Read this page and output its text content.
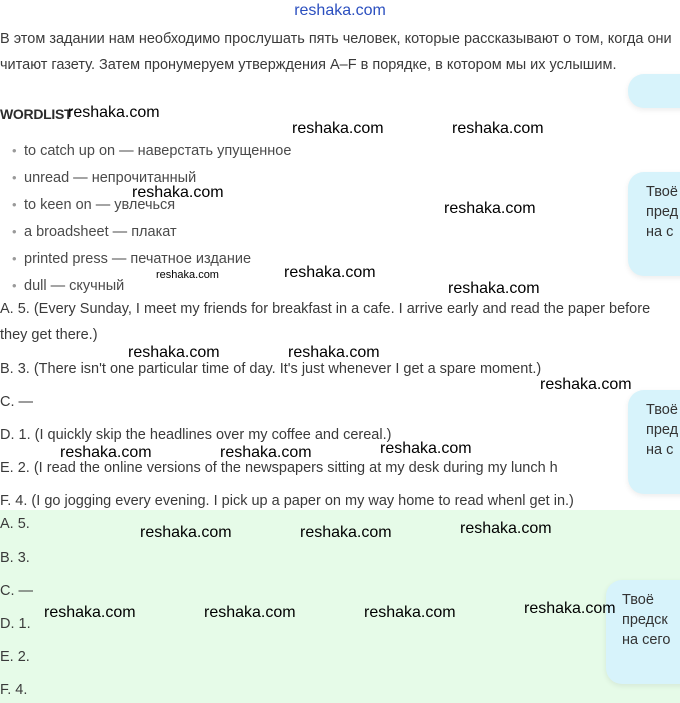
reshaka.com
В этом задании нам необходимо прослушать пять человек, которые рассказывают о том, когда они читают газету. Затем пронумеруем утверждения A–F в порядке, в котором мы их услышим.
WORDLIST
• to catch up on — наверстать упущенное
• unread — непрочитанный
• to keen on — увлечься
• a broadsheet — плакат
• printed press — печатное издание
• dull — скучный
A. 5. (Every Sunday, I meet my friends for breakfast in a cafe. I arrive early and read the paper before they get there.)
B. 3. (There isn't one particular time of day. It's just whenever I get a spare moment.)
C. —
D. 1. (I quickly skip the headlines over my coffee and cereal.)
E. 2. (I read the online versions of the newspapers sitting at my desk during my lunch h
F. 4. (I go jogging every evening. I pick up a paper on my way home to read whenl get in.)
A. 5.
B. 3.
C. —
D. 1.
E. 2.
F. 4.
Твоё
пред
на с
Твоё
пред
на с
Твоё
предск
на сего
reshaka.com
reshaka.com	reshaka.com
reshaka.com
reshaka.com
reshaka.com
reshaka.com
reshaka.com
reshaka.com	reshaka.com
reshaka.com
reshaka.com	reshaka.com	reshaka.com
reshaka.com	reshaka.com	reshaka.com
reshaka.com	reshaka.com	reshaka.com	reshaka.com
